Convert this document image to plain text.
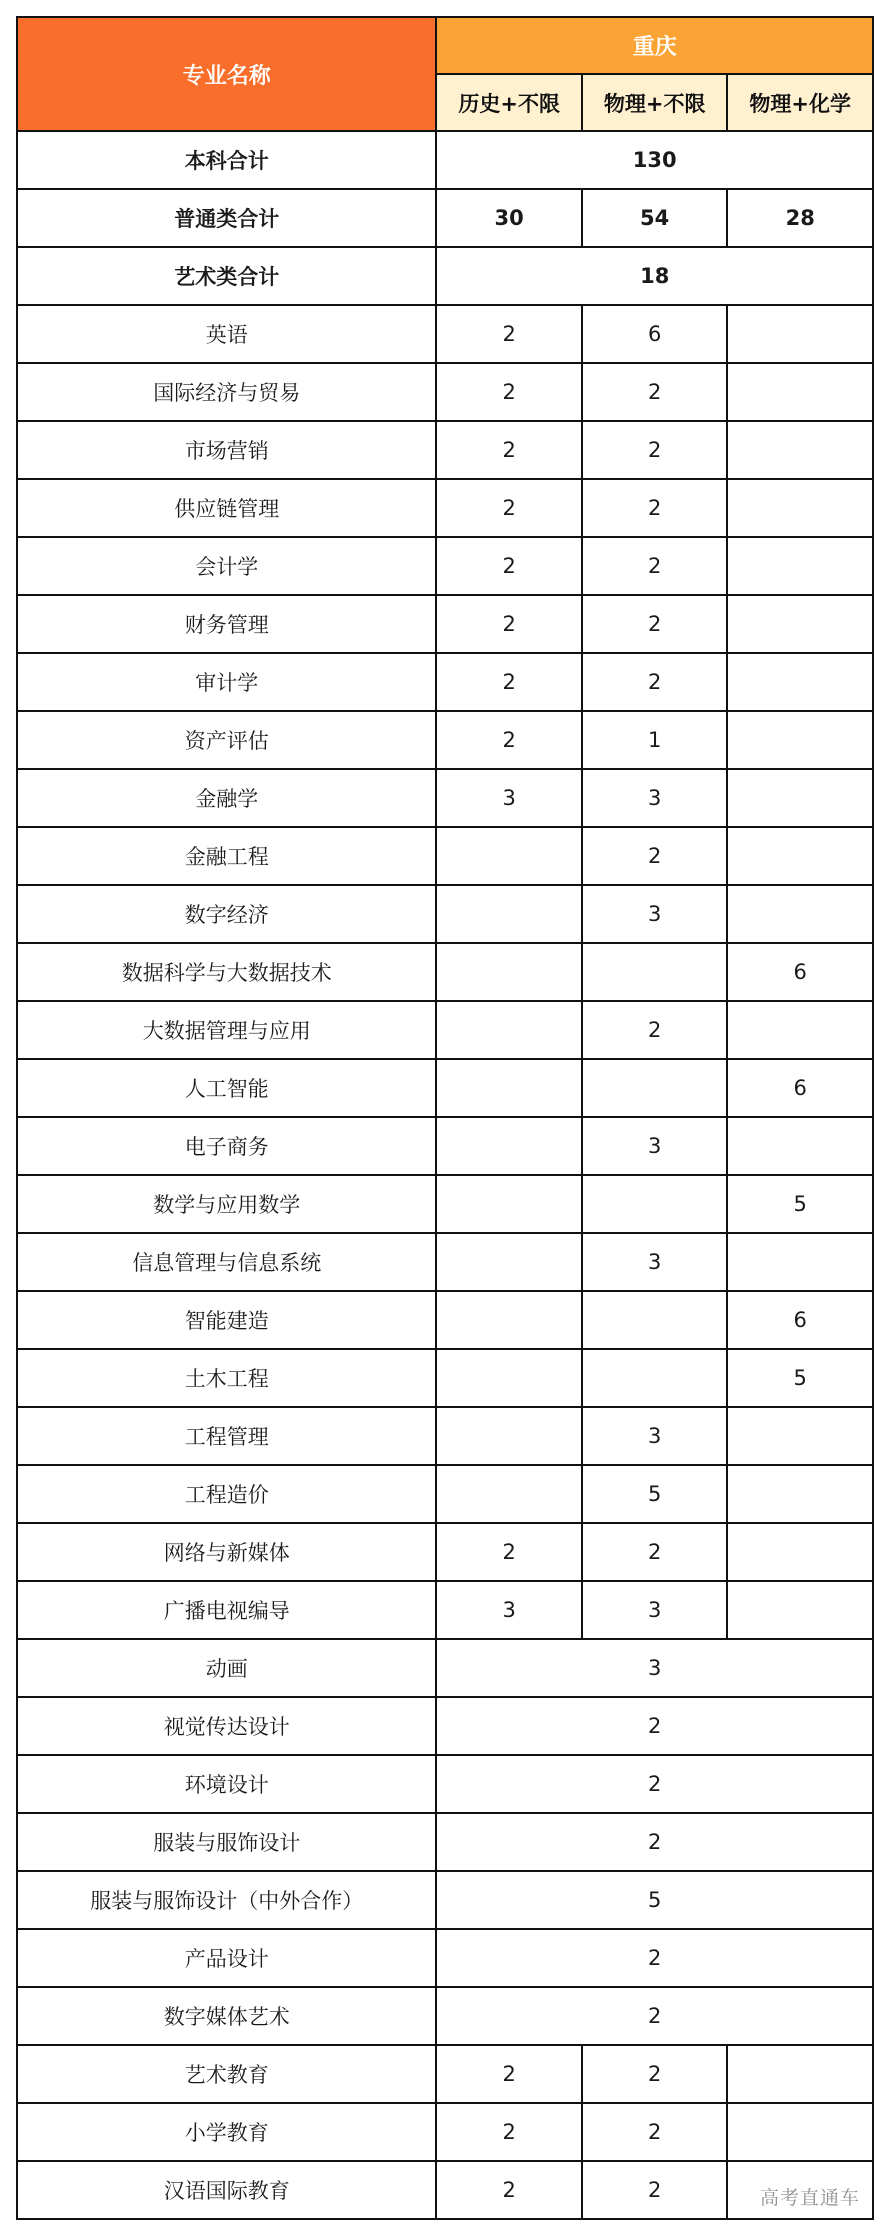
专业名称	重庆		
	历史+不限	物理+不限	物理+化学
本科合计	130		
普通类合计	30	54	28
艺术类合计	18		
英语	2	6	
国际经济与贸易	2	2	
市场营销	2	2	
供应链管理	2	2	
会计学	2	2	
财务管理	2	2	
审计学	2	2	
资产评估	2	1	
金融学	3	3	
金融工程		2	
数字经济		3	
数据科学与大数据技术			6
大数据管理与应用		2	
人工智能			6
电子商务		3	
数学与应用数学			5
信息管理与信息系统		3	
智能建造			6
土木工程			5
工程管理		3	
工程造价		5	
网络与新媒体	2	2	
广播电视编导	3	3	
动画	3		
视觉传达设计	2		
环境设计	2		
服装与服饰设计	2		
服装与服饰设计（中外合作）	5		
产品设计	2		
数字媒体艺术	2		
艺术教育	2	2	
小学教育	2	2	
汉语国际教育	2	2		高考直通车
